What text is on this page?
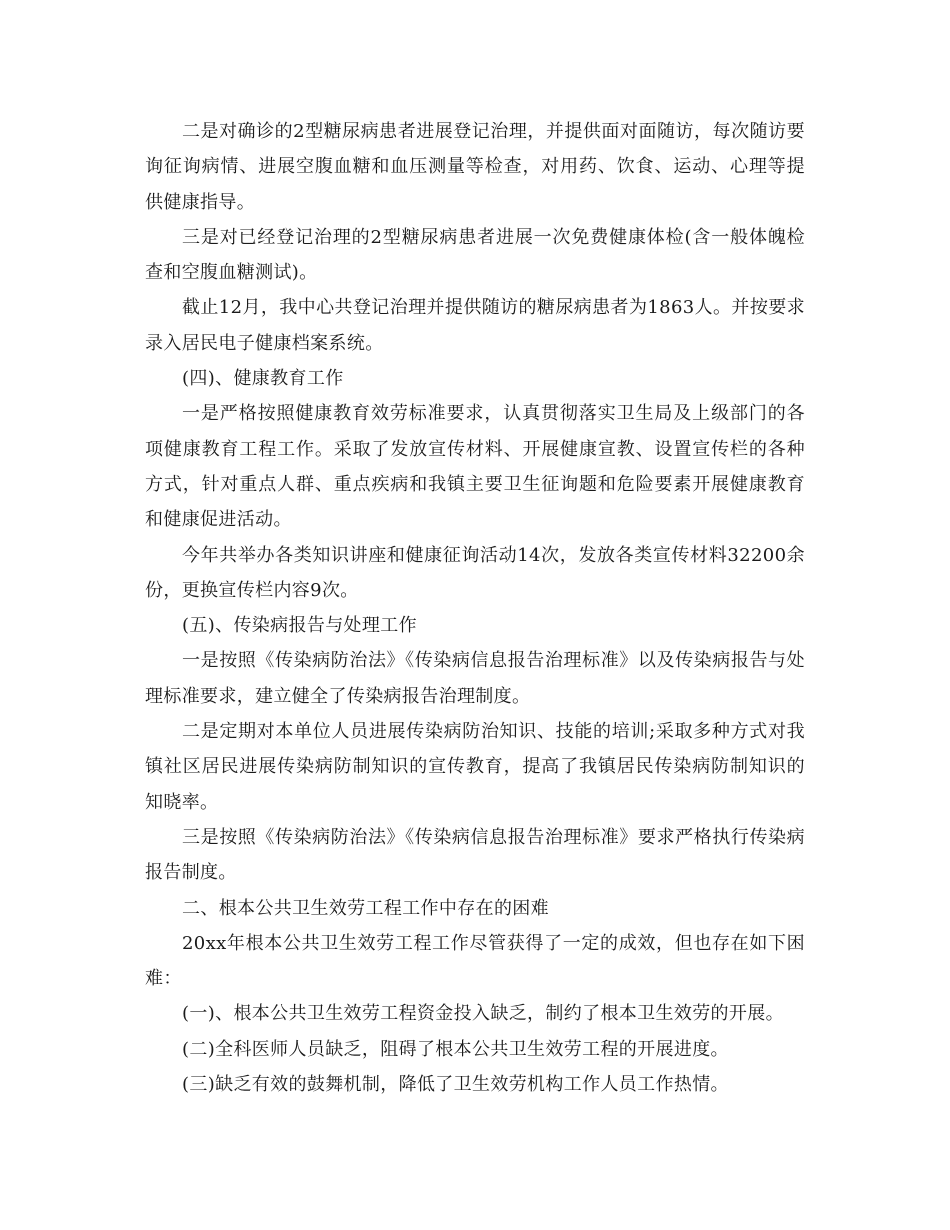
二是对确诊的2型糖尿病患者进展登记治理，并提供面对面随访，每次随访要询征询病情、进展空腹血糖和血压测量等检查，对用药、饮食、运动、心理等提供健康指导。

三是对已经登记治理的2型糖尿病患者进展一次免费健康体检(含一般体魄检查和空腹血糖测试)。

截止12月，我中心共登记治理并提供随访的糖尿病患者为1863人。并按要求录入居民电子健康档案系统。

(四)、健康教育工作

一是严格按照健康教育效劳标准要求，认真贯彻落实卫生局及上级部门的各项健康教育工程工作。采取了发放宣传材料、开展健康宣教、设置宣传栏的各种方式，针对重点人群、重点疾病和我镇主要卫生征询题和危险要素开展健康教育和健康促进活动。

今年共举办各类知识讲座和健康征询活动14次，发放各类宣传材料32200余份，更换宣传栏内容9次。

(五)、传染病报告与处理工作

一是按照《传染病防治法》《传染病信息报告治理标准》以及传染病报告与处理标准要求，建立健全了传染病报告治理制度。

二是定期对本单位人员进展传染病防治知识、技能的培训;采取多种方式对我镇社区居民进展传染病防制知识的宣传教育，提高了我镇居民传染病防制知识的知晓率。

三是按照《传染病防治法》《传染病信息报告治理标准》要求严格执行传染病报告制度。

二、根本公共卫生效劳工程工作中存在的困难

20xx年根本公共卫生效劳工程工作尽管获得了一定的成效，但也存在如下困难：

(一)、根本公共卫生效劳工程资金投入缺乏，制约了根本卫生效劳的开展。

(二)全科医师人员缺乏，阻碍了根本公共卫生效劳工程的开展进度。

(三)缺乏有效的鼓舞机制，降低了卫生效劳机构工作人员工作热情。
